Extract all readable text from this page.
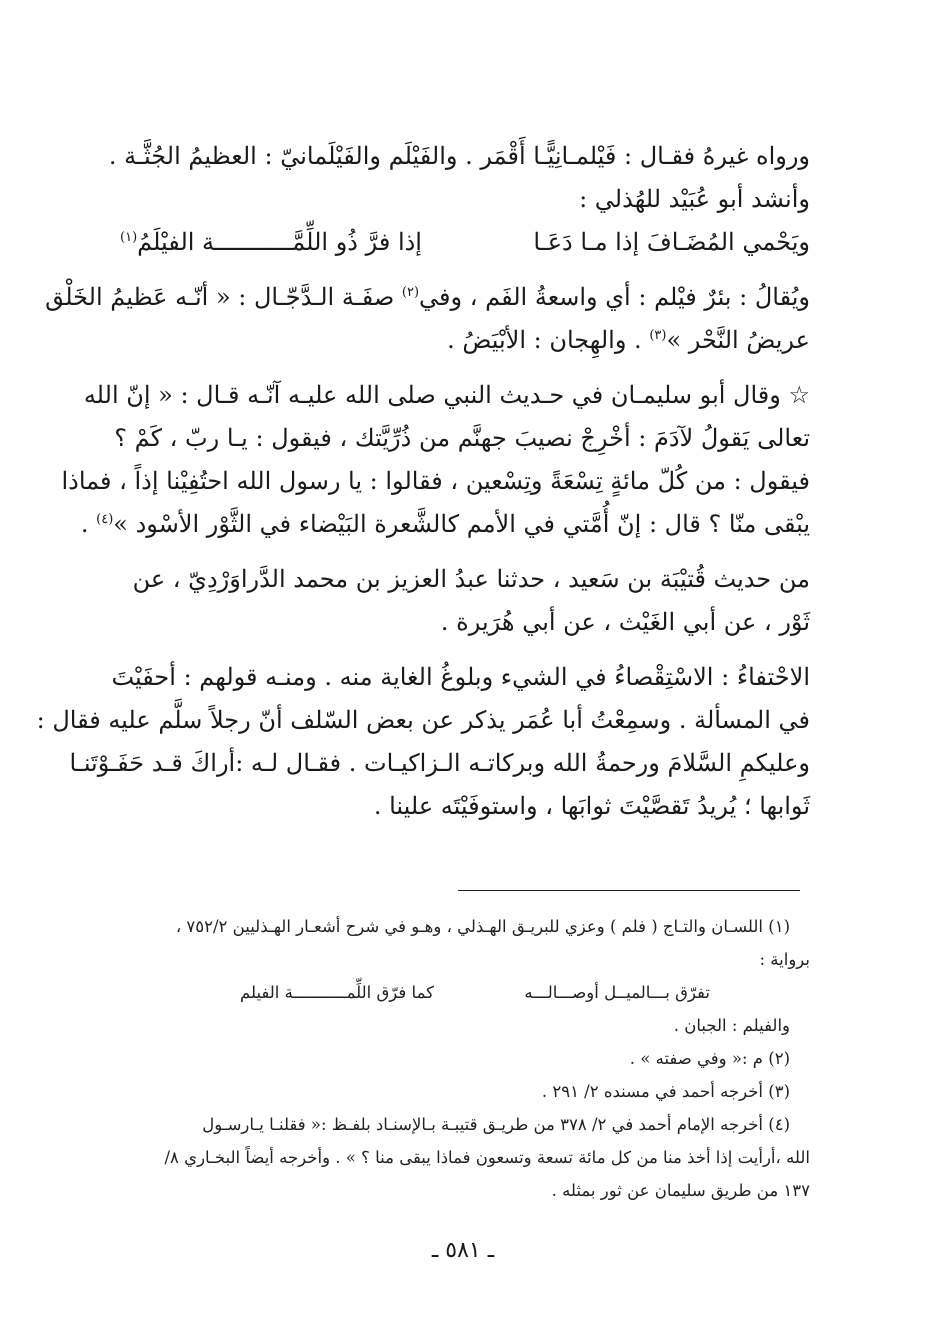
ورواه غيرهُ فقـال : فَيْلمـانِيًّـا أَقْمَر . والفَيْلَم والفَيْلَمانيّ : العظيمُ الجُثَّـة .
وأنشد أبو عُبَيْد للهُذلي :
ويَحْمي المُضَـافَ إذا مـا دَعَـا
إذا فرَّ ذُو اللِّمَّـــــــــــة الفيْلَمُ$^{(١)}$
ويُقالُ : بئرٌ فيْلم : أي واسعةُ الفَم ، وفي$^{(٢)}$ صفَـة الـدَّجّـال : « أنّـه عَظيمُ الخَلْق
عريضُ النَّحْر »$^{(٣)}$ . والهِجان : الأبْيَضُ .
☆ وقال أبو سليمـان في حـديث النبي صلى الله عليـه آنّـه قـال : « إنّ الله
تعالى يَقولُ لآدَمَ : أخْرِجْ نصيبَ جهنَّم من ذُرِّيَّتك ، فيقول : يـا ربّ ، كَمْ ؟
فيقول : من كُلّ مائةٍ تِسْعَةً وتِسْعين ، فقالوا : يا رسول الله احتُفِيْنا إذاً ، فماذا
يبْقى منّا ؟ قال : إنّ أُمَّتي في الأمم كالشَّعرة البَيْضاء في الثَّوْر الأسْود »$^{(٤)}$ .
من حديث قُتيْبَة بن سَعيد ، حدثنا عبدُ العزيز بن محمد الدَّراوَرْدِيّ ، عن
ثَوْر ، عن أبي الغَيْث ، عن أبي هُرَيرة .
الاحْتفاءُ : الاسْتِقْصاءُ في الشيء وبلوغُ الغاية منه . ومنـه قولهم : أحفَيْتَ
في المسألة . وسمِعْتُ أبا عُمَر يذكر عن بعض السّلف أنّ رجلاً سلَّم عليه فقال :
وعليكمِ السَّلامَ ورحمةُ الله وبركاتـه الـزاكيـات . فقـال لـه :أراكَ قـد حَفَـوْتَنـا
ثَوابها ؛ يُريدُ تَقصَّيْتَ ثوابَها ، واستوفَيْتَه علينا .
(١) اللسـان والتـاج ( فلم ) وعزي للبريـق الهـذلي ، وهـو في شرح أشعـار الهـذليين ٧٥٢/٢ ،
برواية :
تفرّق بـــالميــل أوصـــالـــه
كما فرّق اللِّمـــــــــــة الفيلم
والفيلم : الجبان .
(٢) م :« وفي صفته » .
(٣) أخرجه أحمد في مسنده ٢/ ٢٩١ .
(٤) أخرجه الإمام أحمد في ٢/ ٣٧٨ من طريـق قتيبـة بـالإسنـاد بلفـظ :« فقلنـا يـارسـول
الله ،أرأيت إذا أخذ منا من كل مائة تسعة وتسعون فماذا يبقى منا ؟ » . وأخرجه أيضاً البخـاري ٨/
١٣٧ من طريق سليمان عن ثور بمثله .
ـ ٥٨١ ـ
